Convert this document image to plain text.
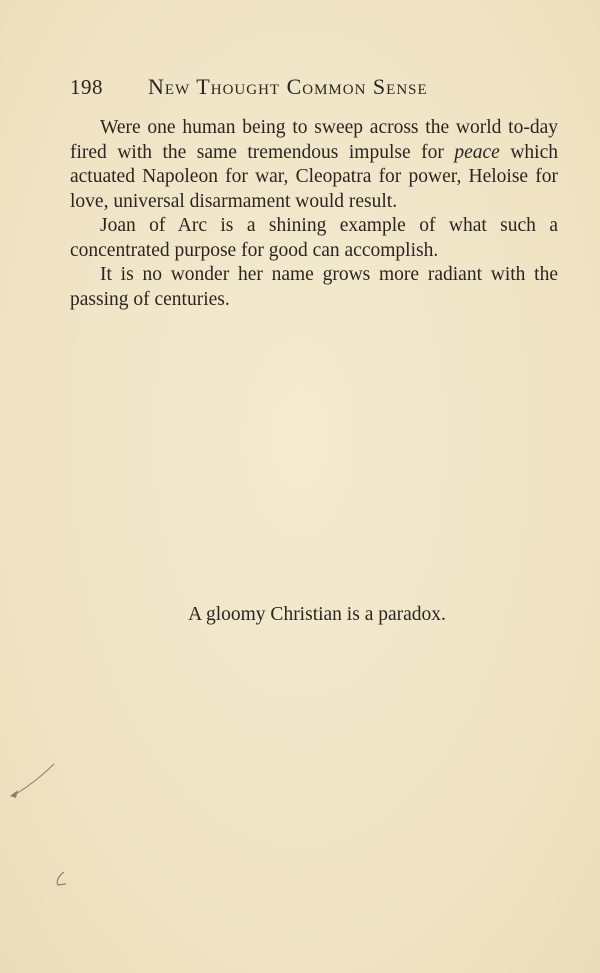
198 New Thought Common Sense

Were one human being to sweep across the world to-day fired with the same tremendous impulse for peace which actuated Napoleon for war, Cleopatra for power, Heloise for love, universal disarmament would result.

Joan of Arc is a shining example of what such a concentrated purpose for good can accomplish.

It is no wonder her name grows more radiant with the passing of centuries.

A gloomy Christian is a paradox.
